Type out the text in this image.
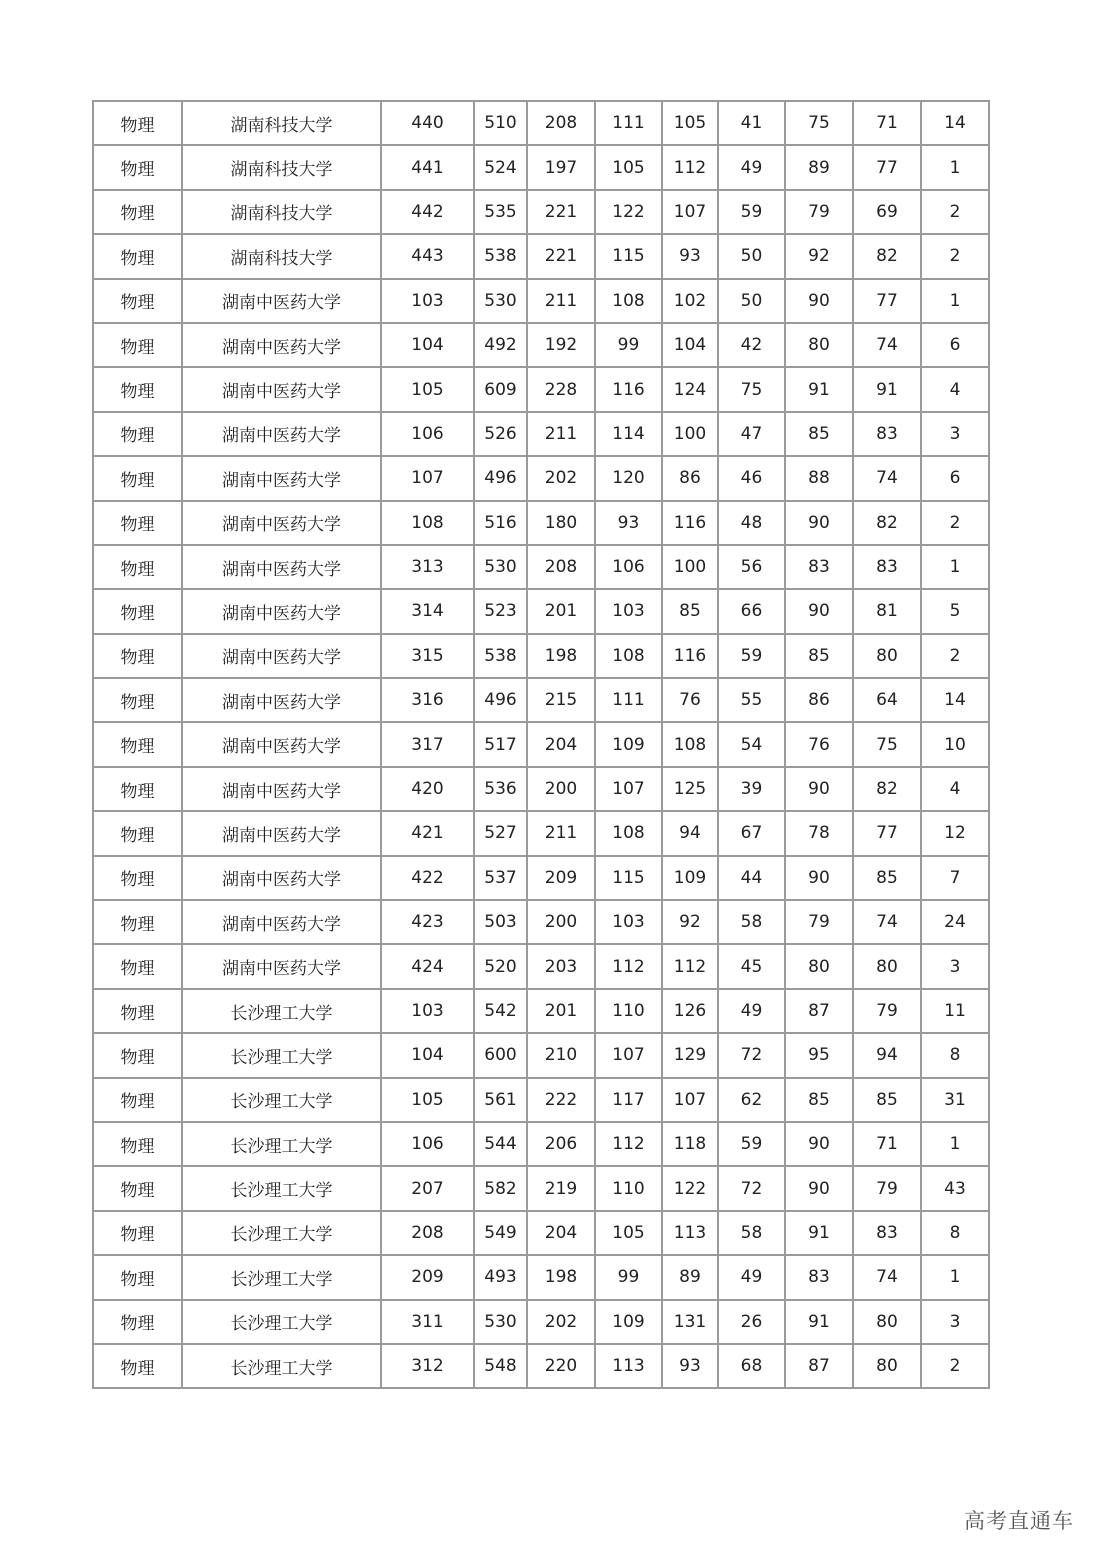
物理	湖南科技大学	440	510	208	111	105	41	75	71	14
物理	湖南科技大学	441	524	197	105	112	49	89	77	1
物理	湖南科技大学	442	535	221	122	107	59	79	69	2
物理	湖南科技大学	443	538	221	115	93	50	92	82	2
物理	湖南中医药大学	103	530	211	108	102	50	90	77	1
物理	湖南中医药大学	104	492	192	99	104	42	80	74	6
物理	湖南中医药大学	105	609	228	116	124	75	91	91	4
物理	湖南中医药大学	106	526	211	114	100	47	85	83	3
物理	湖南中医药大学	107	496	202	120	86	46	88	74	6
物理	湖南中医药大学	108	516	180	93	116	48	90	82	2
物理	湖南中医药大学	313	530	208	106	100	56	83	83	1
物理	湖南中医药大学	314	523	201	103	85	66	90	81	5
物理	湖南中医药大学	315	538	198	108	116	59	85	80	2
物理	湖南中医药大学	316	496	215	111	76	55	86	64	14
物理	湖南中医药大学	317	517	204	109	108	54	76	75	10
物理	湖南中医药大学	420	536	200	107	125	39	90	82	4
物理	湖南中医药大学	421	527	211	108	94	67	78	77	12
物理	湖南中医药大学	422	537	209	115	109	44	90	85	7
物理	湖南中医药大学	423	503	200	103	92	58	79	74	24
物理	湖南中医药大学	424	520	203	112	112	45	80	80	3
物理	长沙理工大学	103	542	201	110	126	49	87	79	11
物理	长沙理工大学	104	600	210	107	129	72	95	94	8
物理	长沙理工大学	105	561	222	117	107	62	85	85	31
物理	长沙理工大学	106	544	206	112	118	59	90	71	1
物理	长沙理工大学	207	582	219	110	122	72	90	79	43
物理	长沙理工大学	208	549	204	105	113	58	91	83	8
物理	长沙理工大学	209	493	198	99	89	49	83	74	1
物理	长沙理工大学	311	530	202	109	131	26	91	80	3
物理	长沙理工大学	312	548	220	113	93	68	87	80	2
高考直通车
